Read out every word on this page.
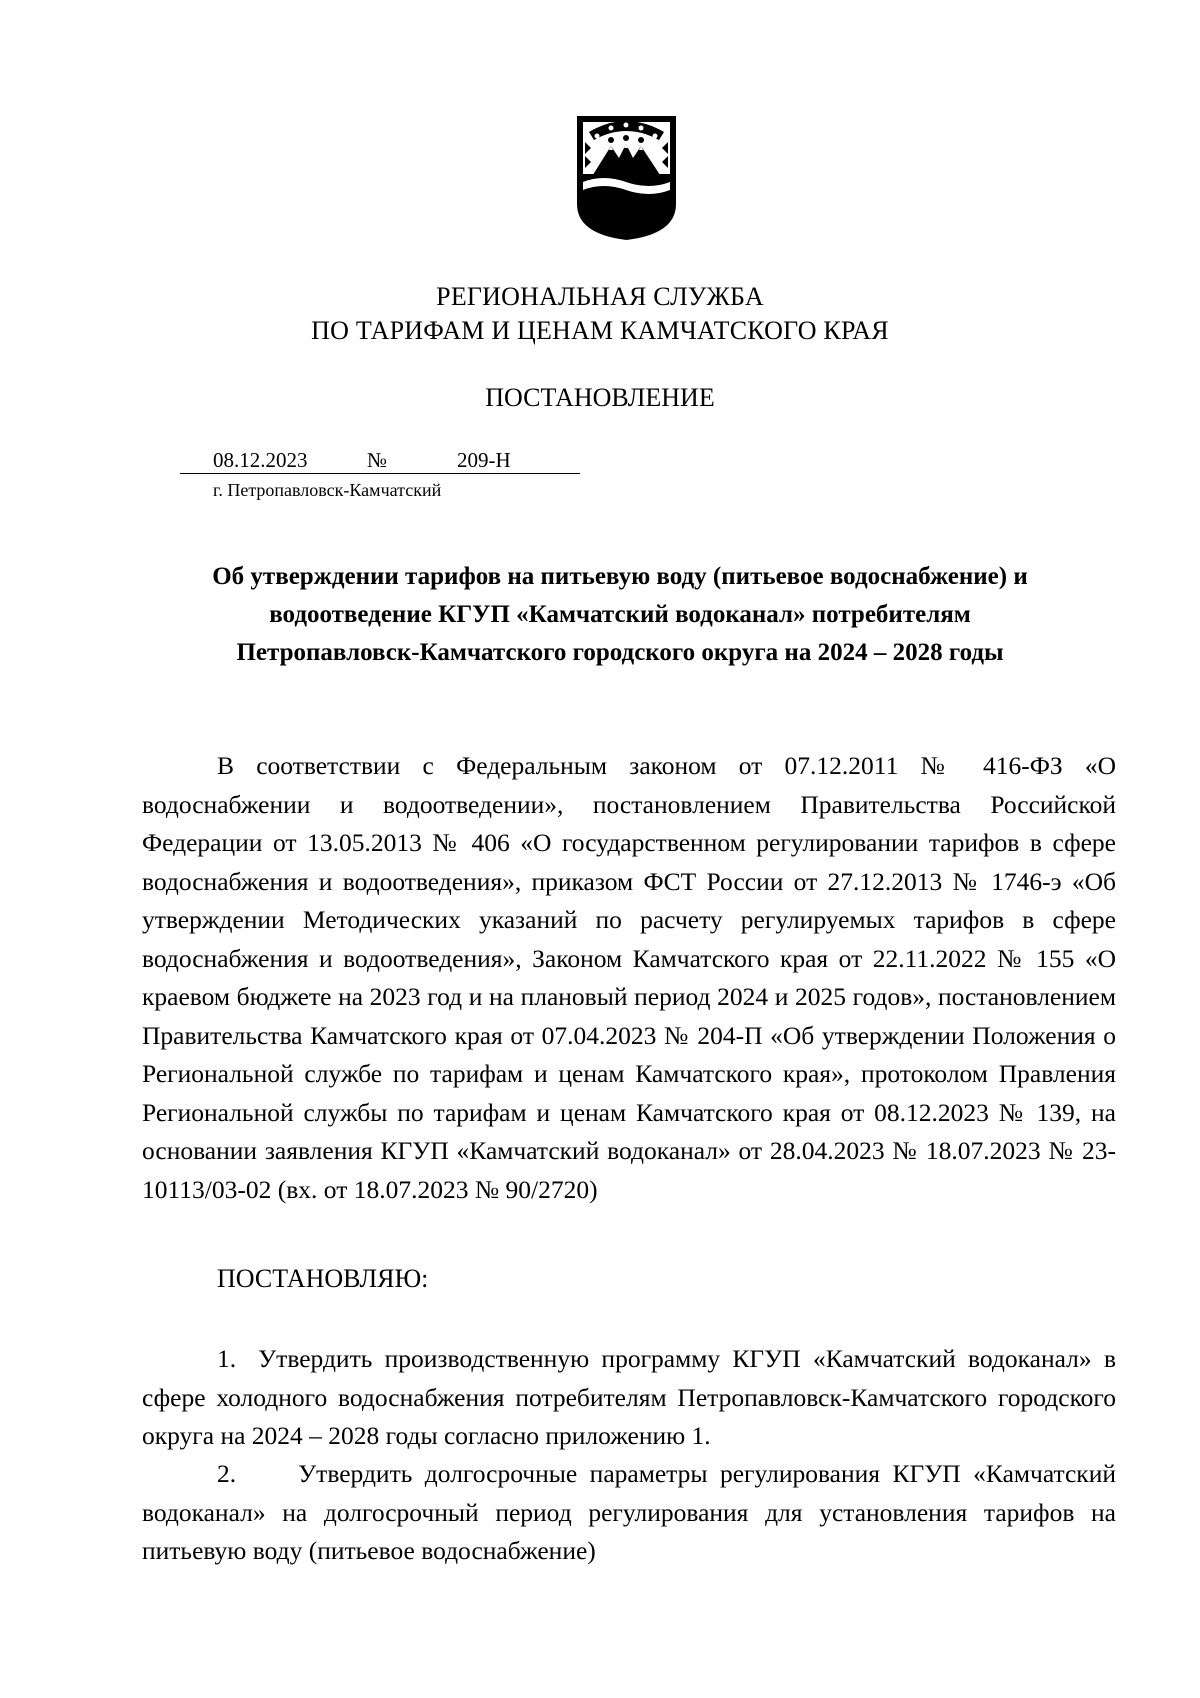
РЕГИОНАЛЬНАЯ СЛУЖБА
ПО ТАРИФАМ И ЦЕНАМ КАМЧАТСКОГО КРАЯ
ПОСТАНОВЛЕНИЕ
08.12.2023	№	209-Н
г. Петропавловск-Камчатский
Об утверждении тарифов на питьевую воду (питьевое водоснабжение) и
водоотведение КГУП «Камчатский водоканал» потребителям
Петропавловск-Камчатского городского округа на 2024 – 2028 годы
В соответствии с Федеральным законом от 07.12.2011 № 416-ФЗ «О водоснабжении и водоотведении», постановлением Правительства Российской Федерации от 13.05.2013 № 406 «О государственном регулировании тарифов в сфере водоснабжения и водоотведения», приказом ФСТ России от 27.12.2013 № 1746-э «Об утверждении Методических указаний по расчету регулируемых тарифов в сфере водоснабжения и водоотведения», Законом Камчатского края от 22.11.2022 № 155 «О краевом бюджете на 2023 год и на плановый период 2024 и 2025 годов», постановлением Правительства Камчатского края от 07.04.2023 № 204-П «Об утверждении Положения о Региональной службе по тарифам и ценам Камчатского края», протоколом Правления Региональной службы по тарифам и ценам Камчатского края от 08.12.2023 № 139, на основании заявления КГУП «Камчатский водоканал» от 28.04.2023 № 18.07.2023 № 23-10113/03-02 (вх. от 18.07.2023 № 90/2720)
ПОСТАНОВЛЯЮ:
1. Утвердить производственную программу КГУП «Камчатский водоканал» в сфере холодного водоснабжения потребителям Петропавловск-Камчатского городского округа на 2024 – 2028 годы согласно приложению 1.
2. Утвердить долгосрочные параметры регулирования КГУП «Камчатский водоканал» на долгосрочный период регулирования для установления тарифов на питьевую воду (питьевое водоснабжение)
